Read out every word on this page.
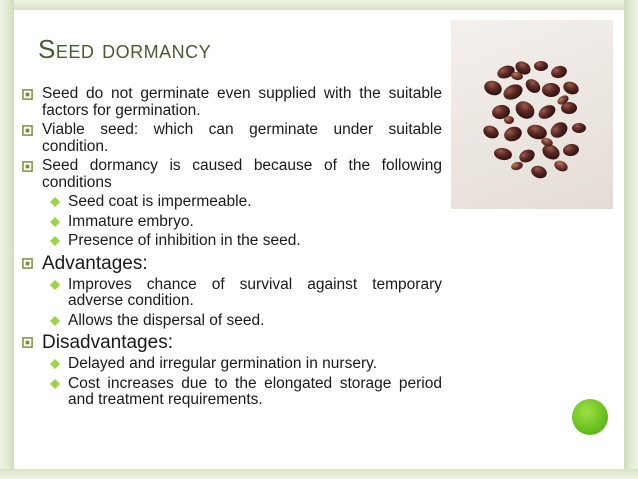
Seed dormancy
Seed do not germinate even supplied with the suitable factors for germination.
Viable seed: which can germinate under suitable condition.
Seed dormancy is caused because of the following conditions
Seed coat is impermeable.
Immature embryo.
Presence of inhibition in the seed.
Advantages:
Improves chance of survival against temporary adverse condition.
Allows the dispersal of seed.
Disadvantages:
Delayed and irregular germination in nursery.
Cost increases due to the elongated storage period and treatment requirements.
